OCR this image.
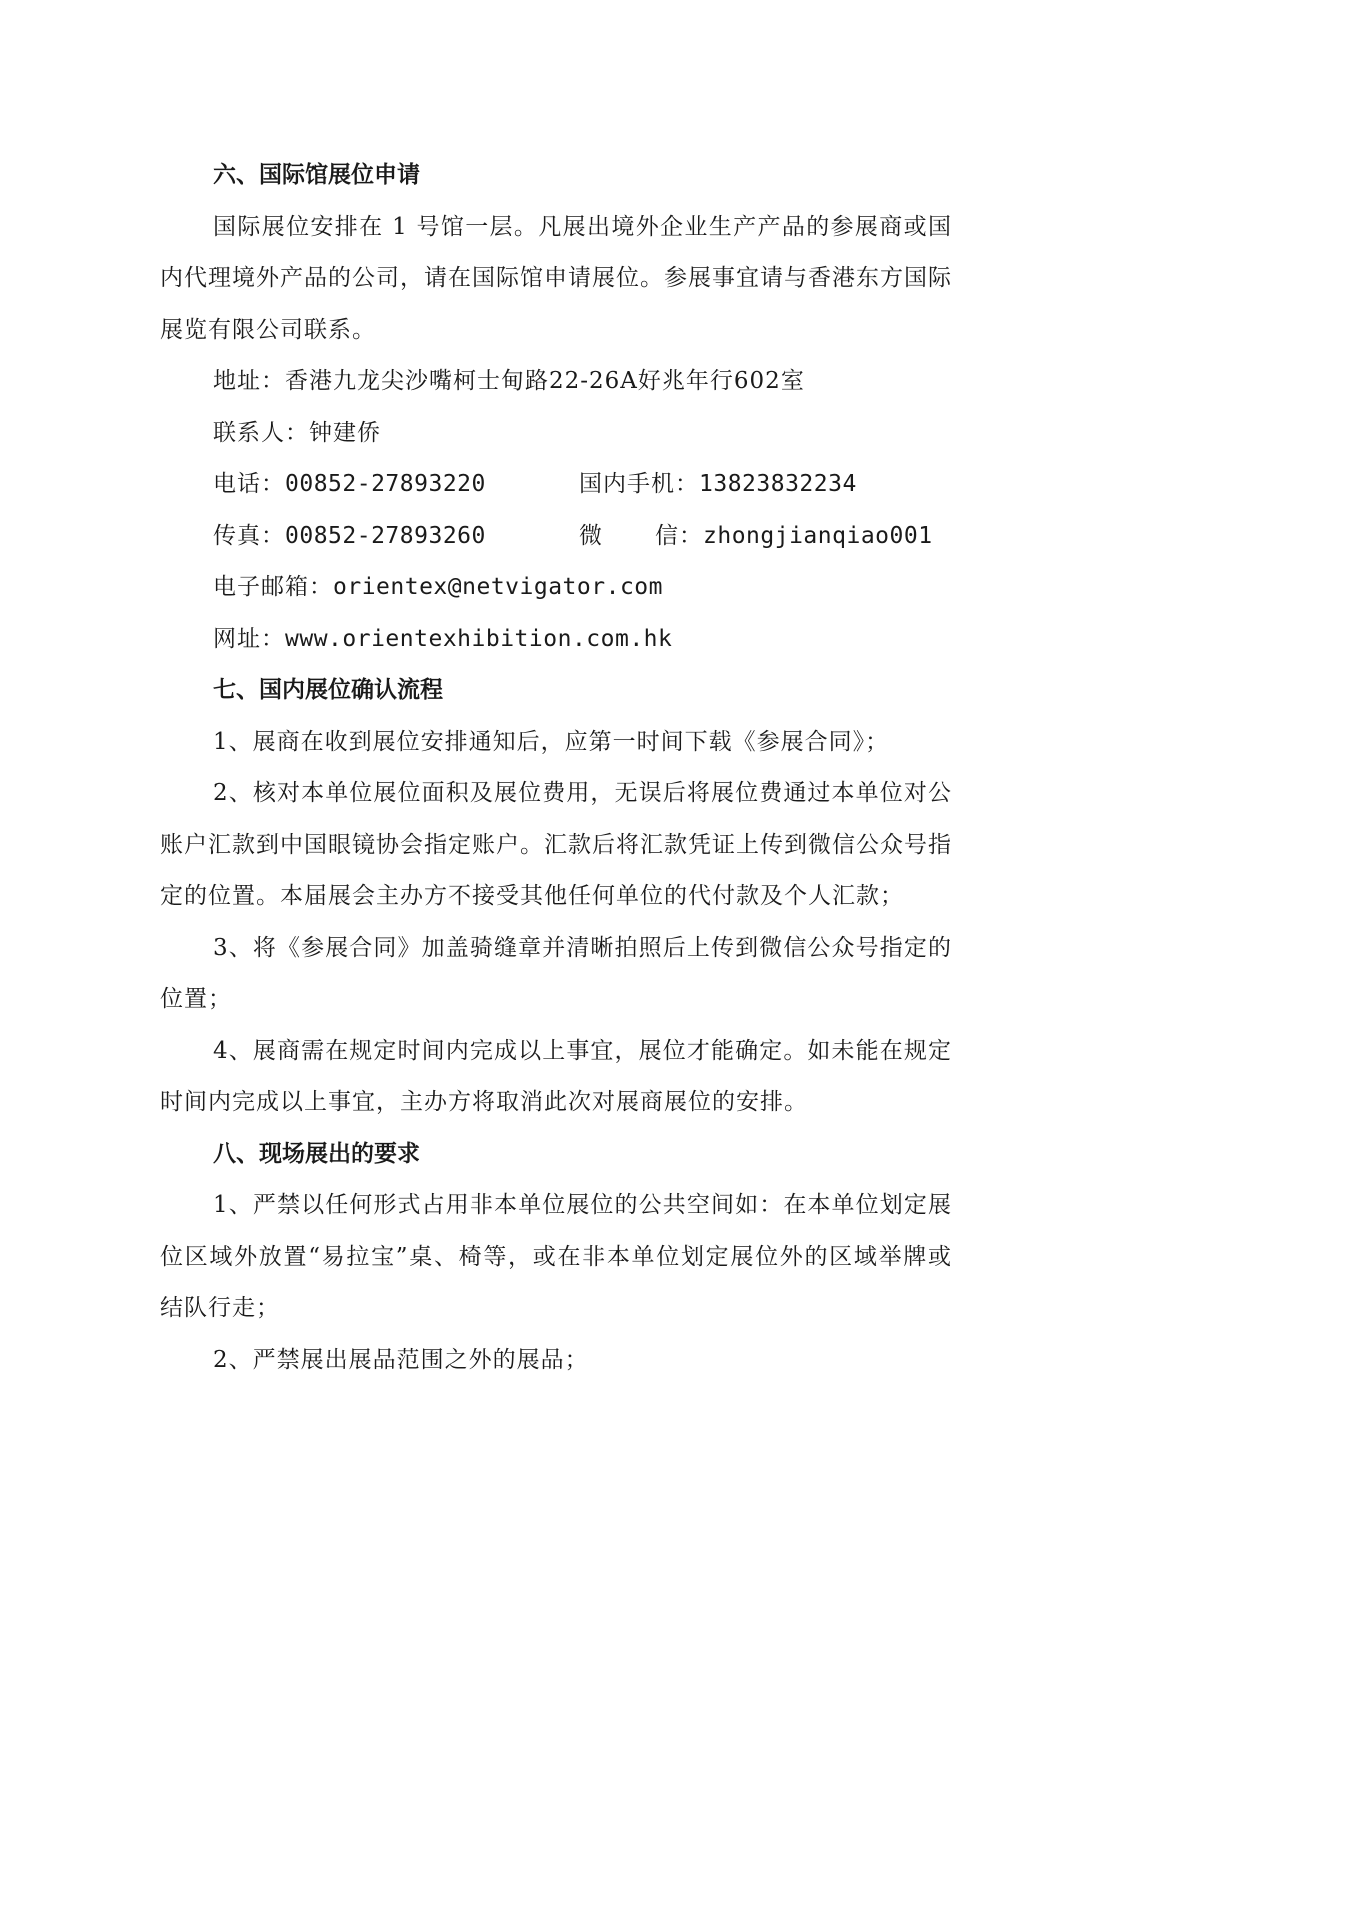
六、国际馆展位申请

国际展位安排在 1 号馆一层。凡展出境外企业生产产品的参展商或国内代理境外产品的公司，请在国际馆申请展位。参展事宜请与香港东方国际展览有限公司联系。

地址：香港九龙尖沙嘴柯士甸路22-26A好兆年行602室
联系人：钟建侨
电话：00852-27893220	国内手机：13823832234
传真：00852-27893260	微 信：zhongjianqiao001
电子邮箱：orientex@netvigator.com
网址：www.orientexhibition.com.hk
七、国内展位确认流程

1、展商在收到展位安排通知后，应第一时间下载《参展合同》；

2、核对本单位展位面积及展位费用，无误后将展位费通过本单位对公账户汇款到中国眼镜协会指定账户。汇款后将汇款凭证上传到微信公众号指定的位置。本届展会主办方不接受其他任何单位的代付款及个人汇款；

3、将《参展合同》加盖骑缝章并清晰拍照后上传到微信公众号指定的位置；

4、展商需在规定时间内完成以上事宜，展位才能确定。如未能在规定时间内完成以上事宜，主办方将取消此次对展商展位的安排。

八、现场展出的要求

1、严禁以任何形式占用非本单位展位的公共空间如：在本单位划定展位区域外放置“易拉宝”桌、椅等，或在非本单位划定展位外的区域举牌或结队行走；

2、严禁展出展品范围之外的展品；
